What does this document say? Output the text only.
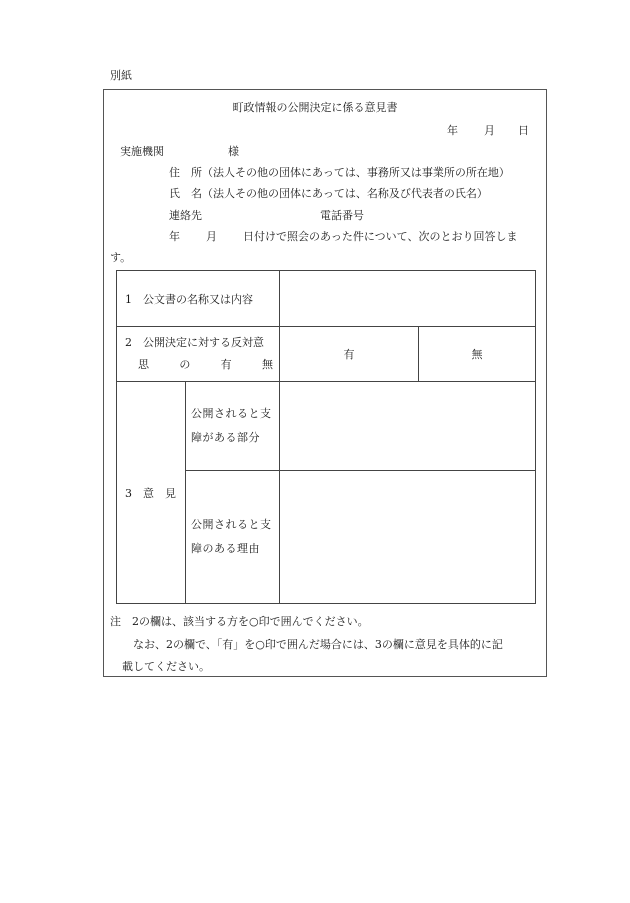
別紙
町政情報の公開決定に係る意見書
年 月 日
実施機関	様
住　所（法人その他の団体にあっては、事務所又は事業所の所在地）
氏　名（法人その他の団体にあっては、名称及び代表者の氏名）
連絡先	電話番号
年 月 日付けで照会のあった件について、次のとおり回答しま
す。
1　公文書の名称又は内容			

2　公開決定に対する反対意
思 の 有 無		有	無

3　意　見	公開されると支
障がある部分		

	公開されると支
障のある理由		

注　2の欄は、該当する方を○印で囲んでください。
なお、2の欄で、「有」を○印で囲んだ場合には、3の欄に意見を具体的に記
載してください。
